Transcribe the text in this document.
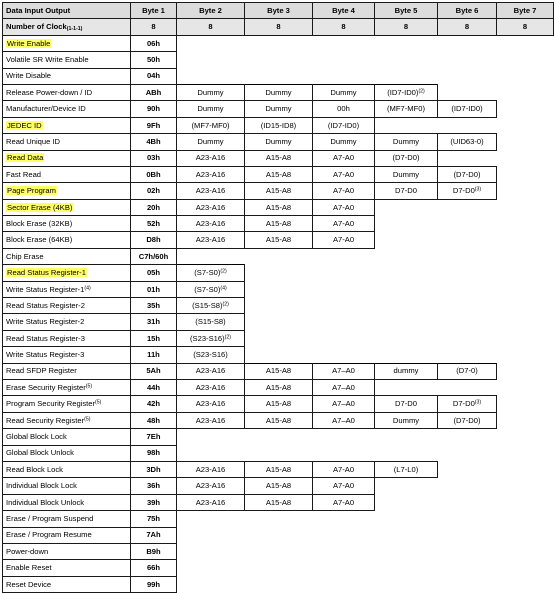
Data Input Output	Byte 1	Byte 2	Byte 3	Byte 4	Byte 5	Byte 6	Byte 7
Number of Clock$_{(1-1-1)}$	8	8	8	8	8	8	8
Write Enable	06h						
Volatile SR Write Enable	50h						
Write Disable	04h						
Release Power-down / ID	ABh	Dummy	Dummy	Dummy	$(ID7-ID0)^{(2)}$		
Manufacturer/Device ID	90h	Dummy	Dummy	00h	(MF7-MF0)	(ID7-ID0)	
JEDEC ID	9Fh	(MF7-MF0)	(ID15-ID8)	(ID7-ID0)			
Read Unique ID	4Bh	Dummy	Dummy	Dummy	Dummy	(UID63-0)	
Read Data	03h	A23-A16	A15-A8	A7-A0	(D7-D0)		
Fast Read	0Bh	A23-A16	A15-A8	A7-A0	Dummy	(D7-D0)	
Page Program	02h	A23-A16	A15-A8	A7-A0	D7-D0	D7-D0$^{(3)}$	
Sector Erase (4KB)	20h	A23-A16	A15-A8	A7-A0			
Block Erase (32KB)	52h	A23-A16	A15-A8	A7-A0			
Block Erase (64KB)	D8h	A23-A16	A15-A8	A7-A0			
Chip Erase	C7h/60h						
Read Status Register-1	05h	$(S7-S0)^{(2)}$					
Write Status Register-1$^{(4)}$	01h	$(S7-S0)^{(4)}$					
Read Status Register-2	35h	$(S15-S8)^{(2)}$					
Write Status Register-2	31h	(S15-S8)					
Read Status Register-3	15h	$(S23-S16)^{(2)}$					
Write Status Register-3	11h	(S23-S16)					
Read SFDP Register	5Ah	A23-A16	A15-A8	A7–A0	dummy	(D7-0)	
Erase Security Register$^{(5)}$	44h	A23-A16	A15-A8	A7–A0			
Program Security Register$^{(5)}$	42h	A23-A16	A15-A8	A7–A0	D7-D0	D7-D0$^{(3)}$	
Read Security Register$^{(5)}$	48h	A23-A16	A15-A8	A7–A0	Dummy	(D7-D0)	
Global Block Lock	7Eh						
Global Block Unlock	98h						
Read Block Lock	3Dh	A23-A16	A15-A8	A7-A0	(L7-L0)		
Individual Block Lock	36h	A23-A16	A15-A8	A7-A0			
Individual Block Unlock	39h	A23-A16	A15-A8	A7-A0			
Erase / Program Suspend	75h						
Erase / Program Resume	7Ah						
Power-down	B9h						
Enable Reset	66h						
Reset Device	99h						
